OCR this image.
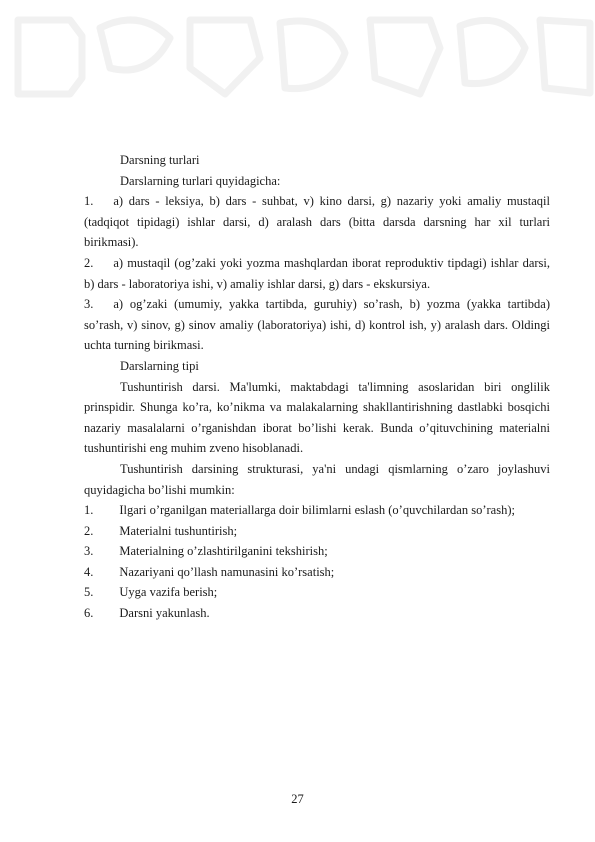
Darsning turlari

Darslarning turlari quyidagicha:

1. a) dars - leksiya, b) dars - suhbat, v) kino darsi, g) nazariy yoki amaliy mustaqil (tadqiqot tipidagi) ishlar darsi, d) aralash dars (bitta darsda darsning har xil turlari birikmasi).

2. a) mustaqil (og’zaki yoki yozma mashqlardan iborat reproduktiv tipdagi) ishlar darsi, b) dars - laboratoriya ishi, v) amaliy ishlar darsi, g) dars - ekskursiya.

3. a) og’zaki (umumiy, yakka tartibda, guruhiy) so’rash, b) yozma (yakka tartibda) so’rash, v) sinov, g) sinov amaliy (laboratoriya) ishi, d) kontrol ish, y) aralash dars. Oldingi uchta turning birikmasi.

Darslarning tipi

Tushuntirish darsi. Ma'lumki, maktabdagi ta'limning asoslaridan biri onglilik prinspidir. Shunga ko’ra, ko’nikma va malakalarning shakllantirishning dastlabki bosqichi nazariy masalalarni o’rganishdan iborat bo’lishi kerak. Bunda o’qituvchining materialni tushuntirishi eng muhim zveno hisoblanadi.

Tushuntirish darsining strukturasi, ya'ni undagi qismlarning o’zaro joylashuvi quyidagicha bo’lishi mumkin:

1. Ilgari o’rganilgan materiallarga doir bilimlarni eslash (o’quvchilardan so’rash);

2. Materialni tushuntirish;

3. Materialning o’zlashtirilganini tekshirish;

4. Nazariyani qo’llash namunasini ko’rsatish;

5. Uyga vazifa berish;

6. Darsni yakunlash.

27
